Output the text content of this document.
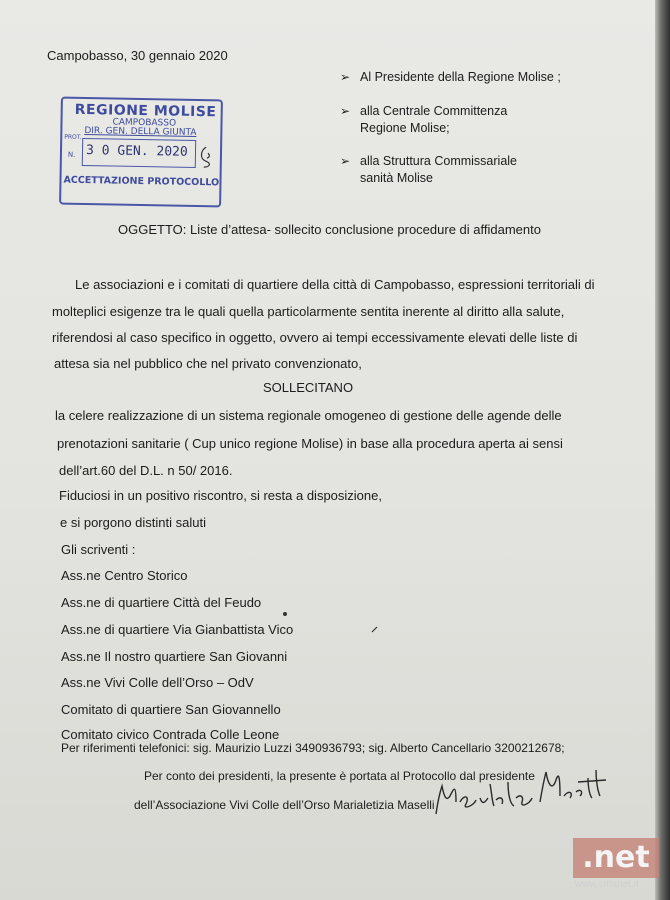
Campobasso, 30 gennaio 2020
➢ Al Presidente della Regione Molise ;
➢ alla Centrale Committenza
Regione Molise;
➢ alla Struttura Commissariale
sanità Molise
REGIONE MOLISE
CAMPOBASSO
DIR. GEN. DELLA GIUNTA
PROT.
N. 3 0 GEN. 2020
ACCETTAZIONE PROTOCOLLO
OGGETTO: Liste d’attesa- sollecito conclusione procedure di affidamento
Le associazioni e i comitati di quartiere della città di Campobasso, espressioni territoriali di
molteplici esigenze tra le quali quella particolarmente sentita inerente al diritto alla salute,
riferendosi al caso specifico in oggetto, ovvero ai tempi eccessivamente elevati delle liste di
attesa sia nel pubblico che nel privato convenzionato,
SOLLECITANO
la celere realizzazione di un sistema regionale omogeneo di gestione delle agende delle
prenotazioni sanitarie ( Cup unico regione Molise) in base alla procedura aperta ai sensi
dell’art.60 del D.L. n 50/ 2016.
Fiduciosi in un positivo riscontro, si resta a disposizione,
e si porgono distinti saluti
Gli scriventi :
Ass.ne Centro Storico
Ass.ne di quartiere Città del Feudo
Ass.ne di quartiere Via Gianbattista Vico
Ass.ne Il nostro quartiere San Giovanni
Ass.ne Vivi Colle dell’Orso – OdV
Comitato di quartiere San Giovannello
Comitato civico Contrada Colle Leone
Per riferimenti telefonici: sig. Maurizio Luzzi 3490936793; sig. Alberto Cancellario 3200212678;
Per conto dei presidenti, la presente è portata al Protocollo dal presidente
dell’Associazione Vivi Colle dell’Orso Marialetizia Maselli
.net
www.cittanet.it
